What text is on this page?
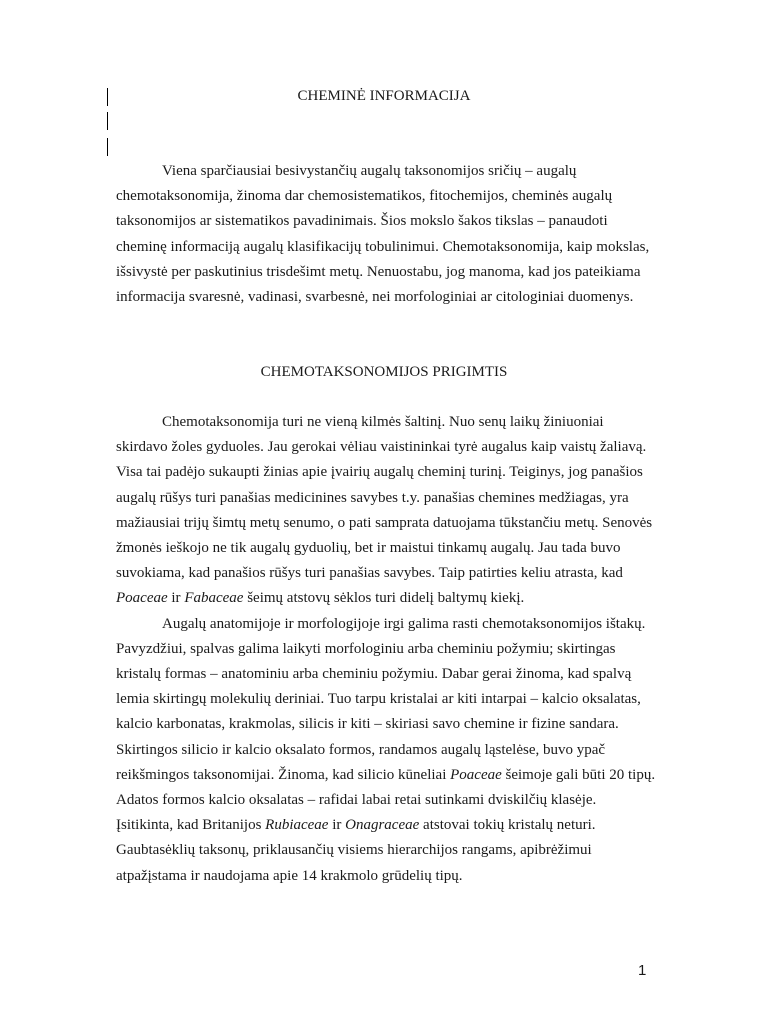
CHEMINĖ INFORMACIJA

Viena sparčiausiai besivystančių augalų taksonomijos sričių – augalų chemotaksonomija, žinoma dar chemosistematikos, fitochemijos, cheminės augalų taksonomijos ar sistematikos pavadinimais. Šios mokslo šakos tikslas – panaudoti cheminę informaciją augalų klasifikacijų tobulinimui. Chemotaksonomija, kaip mokslas, išsivystė per paskutinius trisdešimt metų. Nenuostabu, jog manoma, kad jos pateikiama informacija svaresnė, vadinasi, svarbesnė, nei morfologiniai ar citologiniai duomenys.

CHEMOTAKSONOMIJOS PRIGIMTIS

Chemotaksonomija turi ne vieną kilmės šaltinį. Nuo senų laikų žiniuoniai skirdavo žoles gyduoles. Jau gerokai vėliau vaistininkai tyrė augalus kaip vaistų žaliavą. Visa tai padėjo sukaupti žinias apie įvairių augalų cheminį turinį. Teiginys, jog panašios augalų rūšys turi panašias medicinines savybes t.y. panašias chemines medžiagas, yra mažiausiai trijų šimtų metų senumo, o pati samprata datuojama tūkstančiu metų. Senovės žmonės ieškojo ne tik augalų gyduolių, bet ir maistui tinkamų augalų. Jau tada buvo suvokiama, kad panašios rūšys turi panašias savybes. Taip patirties keliu atrasta, kad Poaceae ir Fabaceae šeimų atstovų sėklos turi didelį baltymų kiekį.

Augalų anatomijoje ir morfologijoje irgi galima rasti chemotaksonomijos ištakų. Pavyzdžiui, spalvas galima laikyti morfologiniu arba cheminiu požymiu; skirtingas kristalų formas – anatominiu arba cheminiu požymiu. Dabar gerai žinoma, kad spalvą lemia skirtingų molekulių deriniai. Tuo tarpu kristalai ar kiti intarpai – kalcio oksalatas, kalcio karbonatas, krakmolas, silicis ir kiti – skiriasi savo chemine ir fizine sandara. Skirtingos silicio ir kalcio oksalato formos, randamos augalų ląstelėse, buvo ypač reikšmingos taksonomijai. Žinoma, kad silicio kūneliai Poaceae šeimoje gali būti 20 tipų. Adatos formos kalcio oksalatas – rafidai labai retai sutinkami dviskilčių klasėje. Įsitikinta, kad Britanijos Rubiaceae ir Onagraceae atstovai tokių kristalų neturi. Gaubtasėklių taksonų, priklausančių visiems hierarchijos rangams, apibrėžimui atpažįstama ir naudojama apie 14 krakmolo grūdelių tipų.

1
